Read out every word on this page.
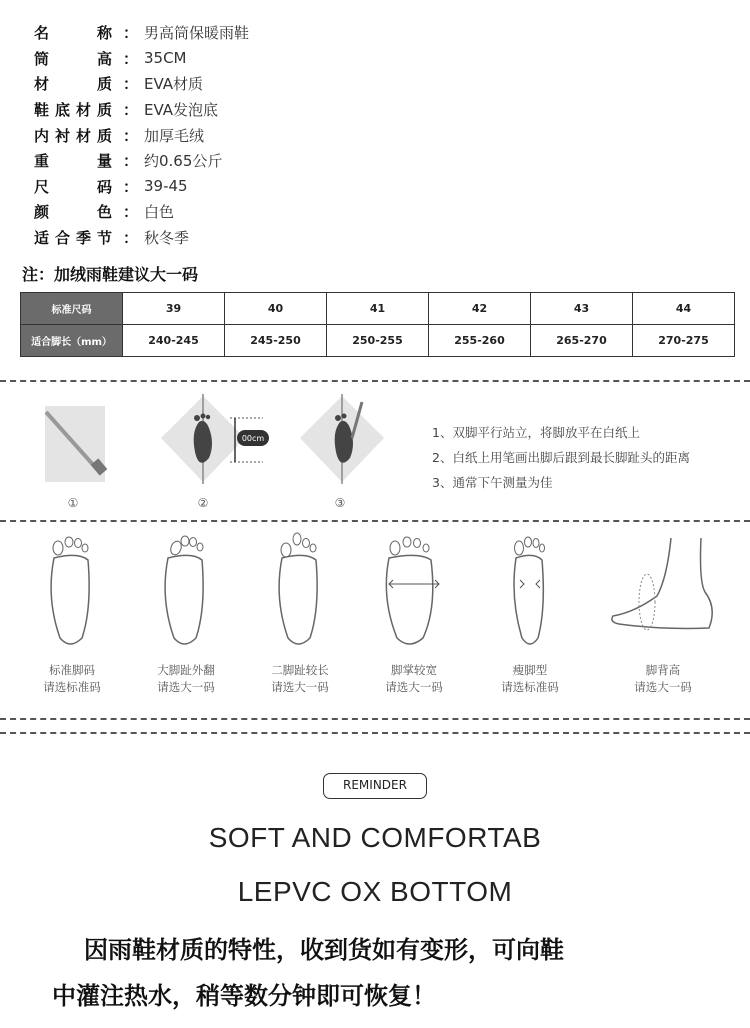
名	称 ： 男高筒保暖雨鞋
筒	高 ： 35CM
材	质 ： EVA材质
鞋 底 材 质 ： EVA发泡底
内 衬 材 质 ： 加厚毛绒
重	量 ： 约0.65公斤
尺	码 ： 39-45
颜	色 ： 白色
适 合 季 节 ： 秋冬季
注：加绒雨鞋建议大一码
标准尺码	39	40	41	42	43	44
适合脚长（mm）	240-245	245-250	250-255	255-260	265-270	270-275
①
00cm
②	③
1、双脚平行站立，将脚放平在白纸上
2、白纸上用笔画出脚后跟到最长脚趾头的距离
3、通常下午测量为佳
标准脚码
请选标准码
大脚趾外翻
请选大一码
二脚趾较长
请选大一码
脚掌较宽
请选大一码
瘦脚型
请选标准码
脚背高
请选大一码
REMINDER
SOFT AND COMFORTAB
LEPVC OX BOTTOM
因雨鞋材质的特性，收到货如有变形，可向鞋
中灌注热水，稍等数分钟即可恢复！
